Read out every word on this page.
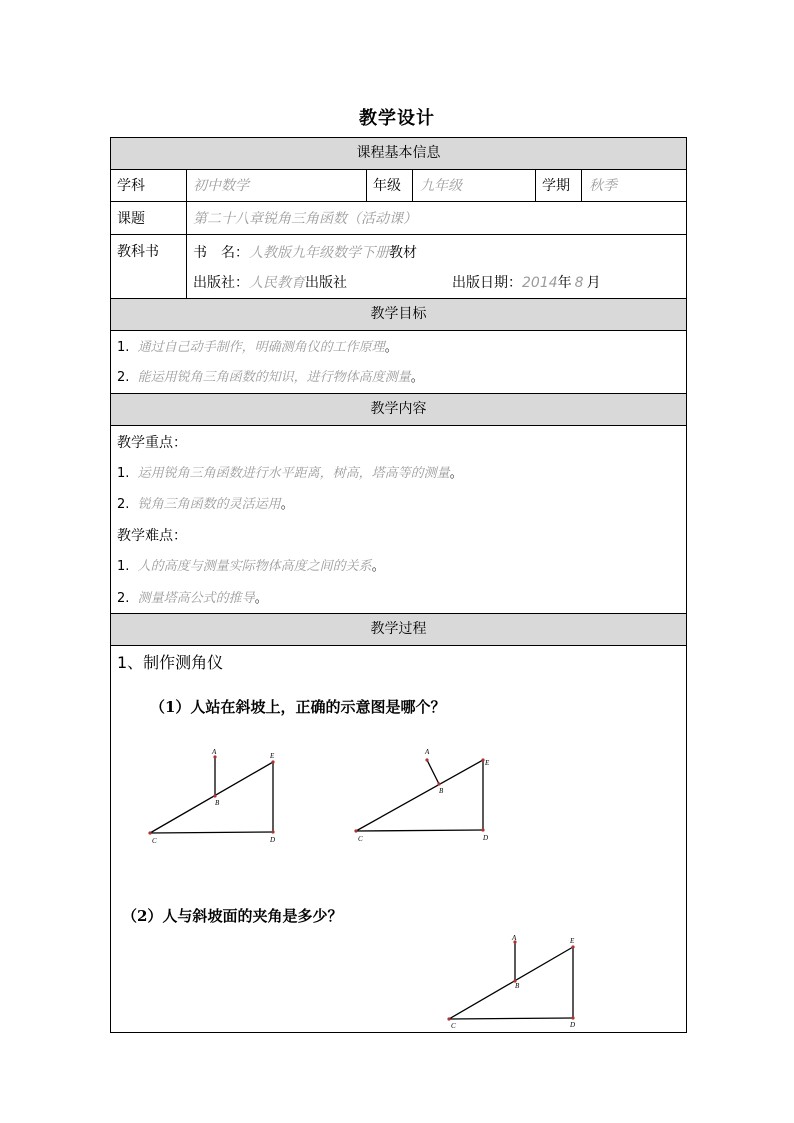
教学设计
课程基本信息
教学目标
教学内容
教学过程
学科	初中数学	年级 九年级	学期 秋季
课题	第二十八章锐角三角函数（活动课）
教科书 书　名：人教版九年级数学下册教材
出版社：人民教育出版社	出版日期：2014年 8 月
1. 通过自己动手制作，明确测角仪的工作原理。
2. 能运用锐角三角函数的知识，进行物体高度测量。
教学重点：
1. 运用锐角三角函数进行水平距离，树高，塔高等的测量。
2. 锐角三角函数的灵活运用。
教学难点：
1. 人的高度与测量实际物体高度之间的关系。
2. 测量塔高公式的推导。
1、制作测角仪
（1）人站在斜坡上，正确的示意图是哪个？
（2）人与斜坡面的夹角是多少？
A
B
C	D
E	A
B
C	D
E
A
B
C	D
E
